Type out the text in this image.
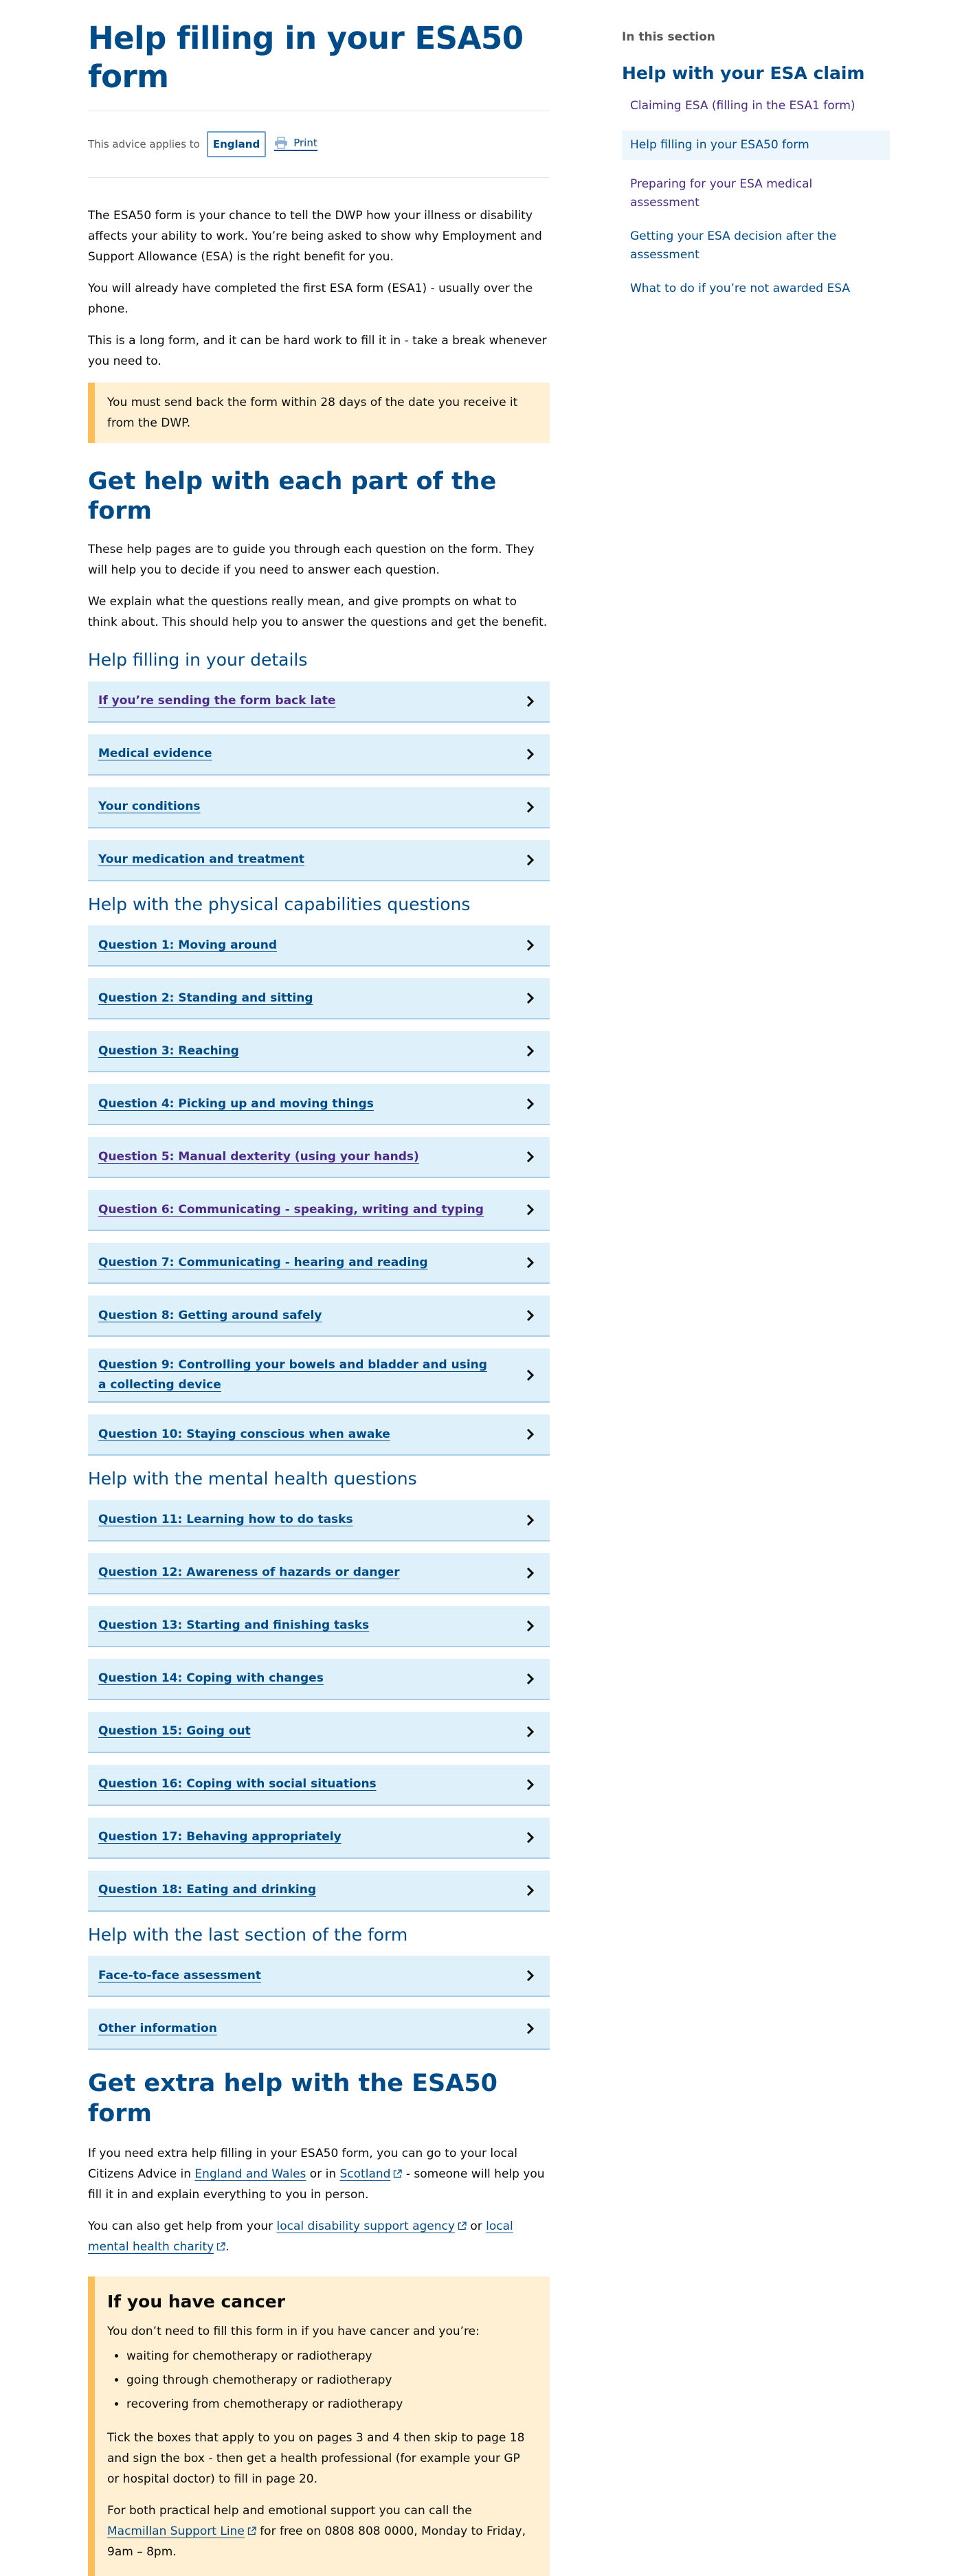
Help filling in your ESA50 form
This advice applies to	England	Print

The ESA50 form is your chance to tell the DWP how your illness or disability affects your ability to work. You’re being asked to show why Employment and Support Allowance (ESA) is the right benefit for you.

You will already have completed the first ESA form (ESA1) - usually over the phone.

This is a long form, and it can be hard work to fill it in - take a break whenever you need to.

You must send back the form within 28 days of the date you receive it from the DWP.

Get help with each part of the form

These help pages are to guide you through each question on the form. They will help you to decide if you need to answer each question.

We explain what the questions really mean, and give prompts on what to think about. This should help you to answer the questions and get the benefit.

Help filling in your details
If you’re sending the form back late
Medical evidence
Your conditions
Your medication and treatment
Help with the physical capabilities questions
Question 1: Moving around
Question 2: Standing and sitting
Question 3: Reaching
Question 4: Picking up and moving things
Question 5: Manual dexterity (using your hands)
Question 6: Communicating - speaking, writing and typing
Question 7: Communicating - hearing and reading
Question 8: Getting around safely
Question 9: Controlling your bowels and bladder and using a collecting device
Question 10: Staying conscious when awake
Help with the mental health questions
Question 11: Learning how to do tasks
Question 12: Awareness of hazards or danger
Question 13: Starting and finishing tasks
Question 14: Coping with changes
Question 15: Going out
Question 16: Coping with social situations
Question 17: Behaving appropriately
Question 18: Eating and drinking
Help with the last section of the form
Face-to-face assessment
Other information
Get extra help with the ESA50 form

If you need extra help filling in your ESA50 form, you can go to your local Citizens Advice in England and Wales or in Scotland - someone will help you fill it in and explain everything to you in person.

You can also get help from your local disability support agency or local mental health charity .

If you have cancer

You don’t need to fill this form in if you have cancer and you’re:

• waiting for chemotherapy or radiotherapy
• going through chemotherapy or radiotherapy
• recovering from chemotherapy or radiotherapy

Tick the boxes that apply to you on pages 3 and 4 then skip to page 18 and sign the box - then get a health professional (for example your GP or hospital doctor) to fill in page 20.

For both practical help and emotional support you can call the Macmillan Support Line for free on 0808 808 0000, Monday to Friday, 9am – 8pm.

In this section

Help with your ESA claim

Claiming ESA (filling in the ESA1 form)
Help filling in your ESA50 form
Preparing for your ESA medical assessment
Getting your ESA decision after the assessment
What to do if you’re not awarded ESA
